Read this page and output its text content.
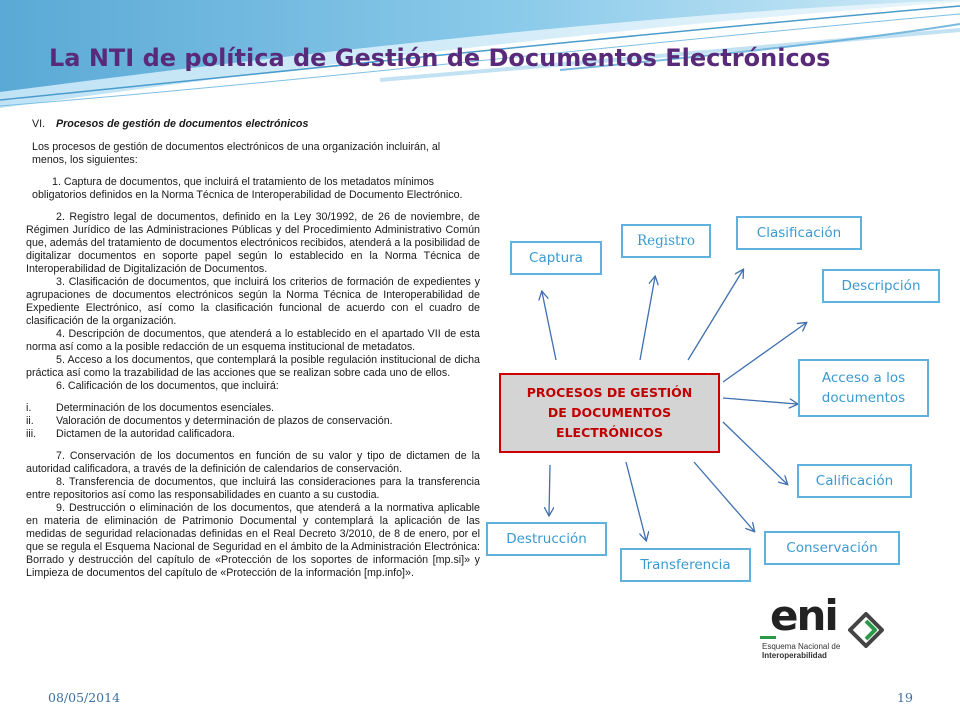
La NTI de política de Gestión de Documentos Electrónicos

VI. Procesos de gestión de documentos electrónicos

Los procesos de gestión de documentos electrónicos de una organización incluirán, al menos, los siguientes:

1. Captura de documentos, que incluirá el tratamiento de los metadatos mínimos obligatorios definidos en la Norma Técnica de Interoperabilidad de Documento Electrónico.

2. Registro legal de documentos, definido en la Ley 30/1992, de 26 de noviembre, de Régimen Jurídico de las Administraciones Públicas y del Procedimiento Administrativo Común que, además del tratamiento de documentos electrónicos recibidos, atenderá a la posibilidad de digitalizar documentos en soporte papel según lo establecido en la Norma Técnica de Interoperabilidad de Digitalización de Documentos.

3. Clasificación de documentos, que incluirá los criterios de formación de expedientes y agrupaciones de documentos electrónicos según la Norma Técnica de Interoperabilidad de Expediente Electrónico, así como la clasificación funcional de acuerdo con el cuadro de clasificación de la organización.

4. Descripción de documentos, que atenderá a lo establecido en el apartado VII de esta norma así como a la posible redacción de un esquema institucional de metadatos.

5. Acceso a los documentos, que contemplará la posible regulación institucional de dicha práctica así como la trazabilidad de las acciones que se realizan sobre cada uno de ellos.

6. Calificación de los documentos, que incluirá:

i. Determinación de los documentos esenciales.

ii. Valoración de documentos y determinación de plazos de conservación.

iii. Dictamen de la autoridad calificadora.

7. Conservación de los documentos en función de su valor y tipo de dictamen de la autoridad calificadora, a través de la definición de calendarios de conservación.

8. Transferencia de documentos, que incluirá las consideraciones para la transferencia entre repositorios así como las responsabilidades en cuanto a su custodia.

9. Destrucción o eliminación de los documentos, que atenderá a la normativa aplicable en materia de eliminación de Patrimonio Documental y contemplará la aplicación de las medidas de seguridad relacionadas definidas en el Real Decreto 3/2010, de 8 de enero, por el que se regula el Esquema Nacional de Seguridad en el ámbito de la Administración Electrónica: Borrado y destrucción del capítulo de «Protección de los soportes de información [mp.si]» y Limpieza de documentos del capítulo de «Protección de la información [mp.info]».

PROCESOS DE GESTIÓN
DE DOCUMENTOS
ELECTRÓNICOS
Captura
Registro	Clasificación
Descripción
Acceso a los
documentos
Calificación
Conservación
Transferencia
Destrucción
eni
Esquema Nacional de
Interoperabilidad
08/05/2014	19
